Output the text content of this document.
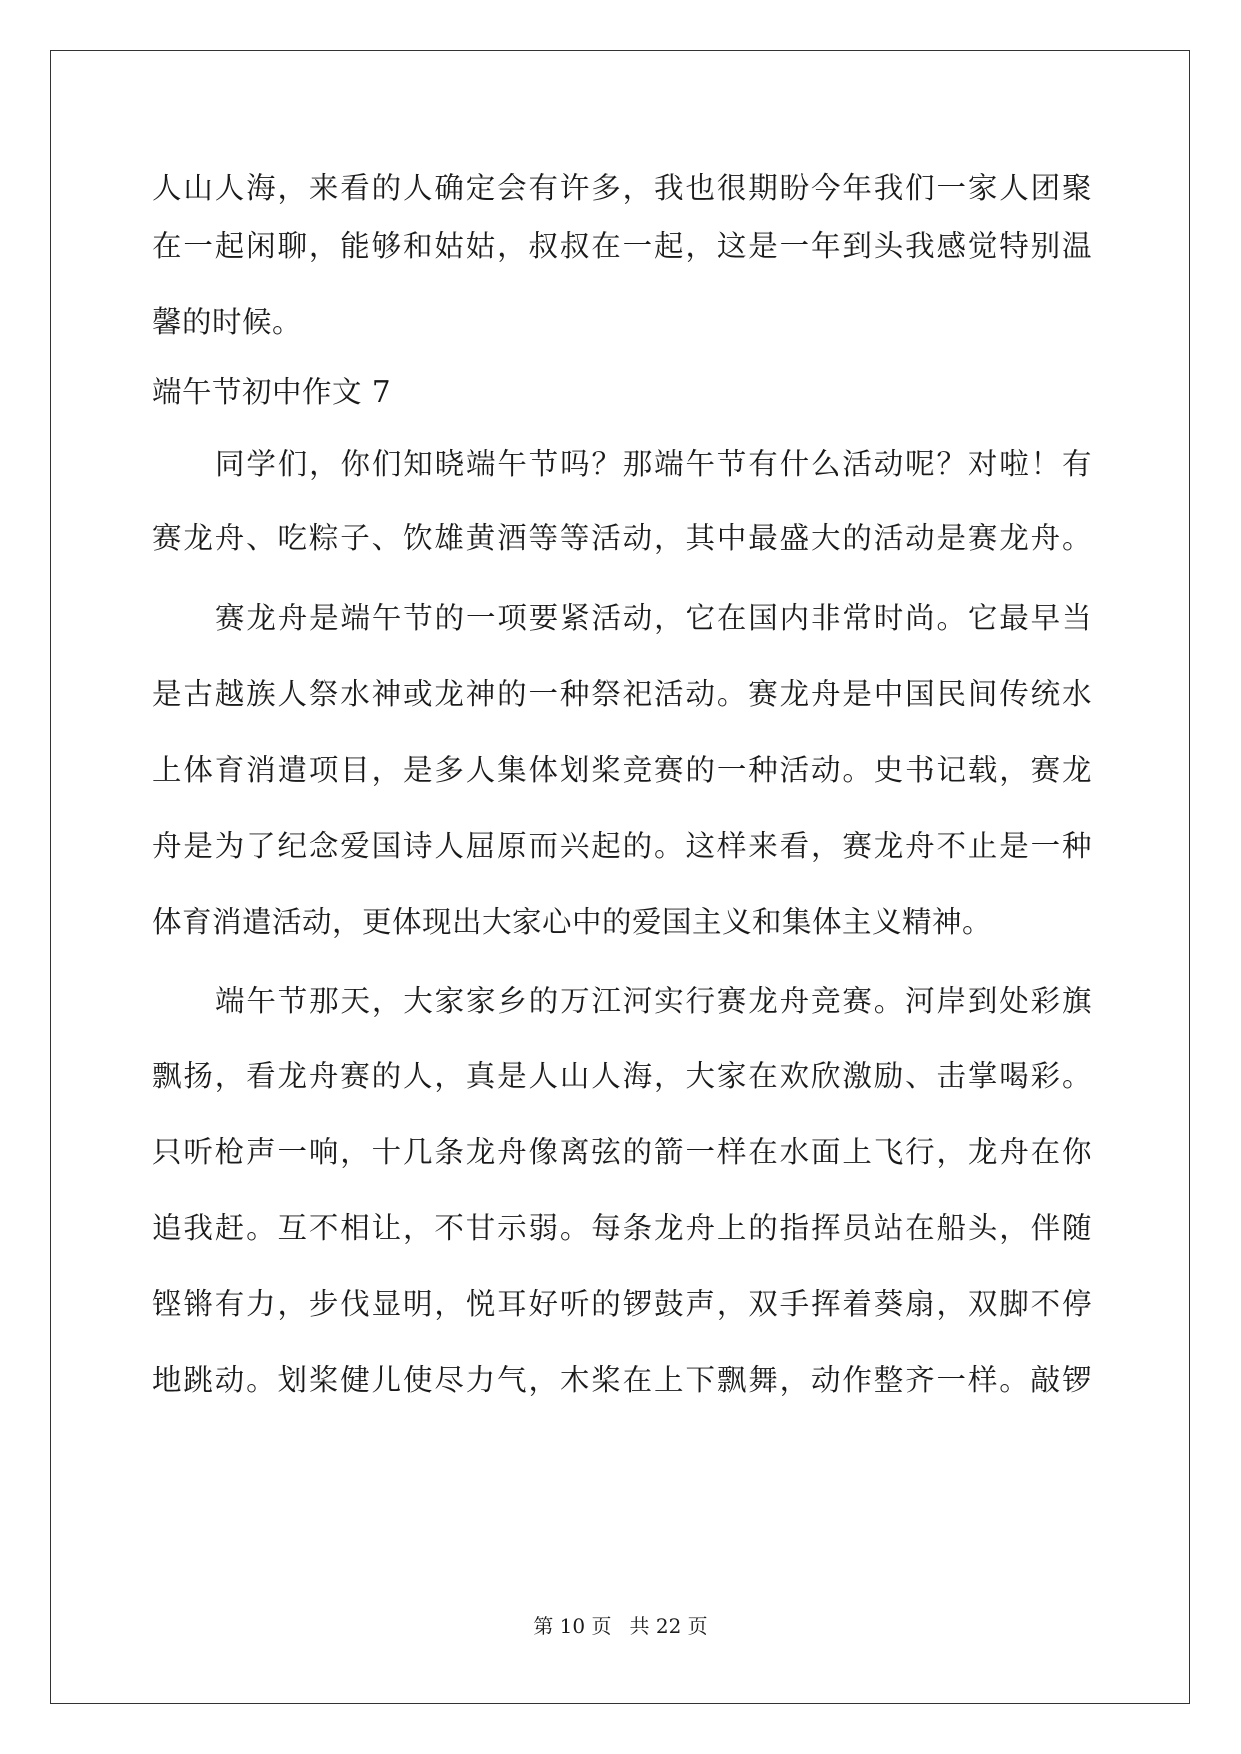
人山人海，来看的人确定会有许多，我也很期盼今年我们一家人团聚
在一起闲聊，能够和姑姑，叔叔在一起，这是一年到头我感觉特别温
馨的时候。
端午节初中作文 7
同学们，你们知晓端午节吗？那端午节有什么活动呢？对啦！有
赛龙舟、吃粽子、饮雄黄酒等等活动，其中最盛大的活动是赛龙舟。
赛龙舟是端午节的一项要紧活动，它在国内非常时尚。它最早当
是古越族人祭水神或龙神的一种祭祀活动。赛龙舟是中国民间传统水
上体育消遣项目，是多人集体划桨竞赛的一种活动。史书记载，赛龙
舟是为了纪念爱国诗人屈原而兴起的。这样来看，赛龙舟不止是一种
体育消遣活动，更体现出大家心中的爱国主义和集体主义精神。
端午节那天，大家家乡的万江河实行赛龙舟竞赛。河岸到处彩旗
飘扬，看龙舟赛的人，真是人山人海，大家在欢欣激励、击掌喝彩。
只听枪声一响，十几条龙舟像离弦的箭一样在水面上飞行，龙舟在你
追我赶。互不相让，不甘示弱。每条龙舟上的指挥员站在船头，伴随
铿锵有力，步伐显明，悦耳好听的锣鼓声，双手挥着葵扇，双脚不停
地跳动。划桨健儿使尽力气，木桨在上下飘舞，动作整齐一样。敲锣
第 10 页 共 22 页
